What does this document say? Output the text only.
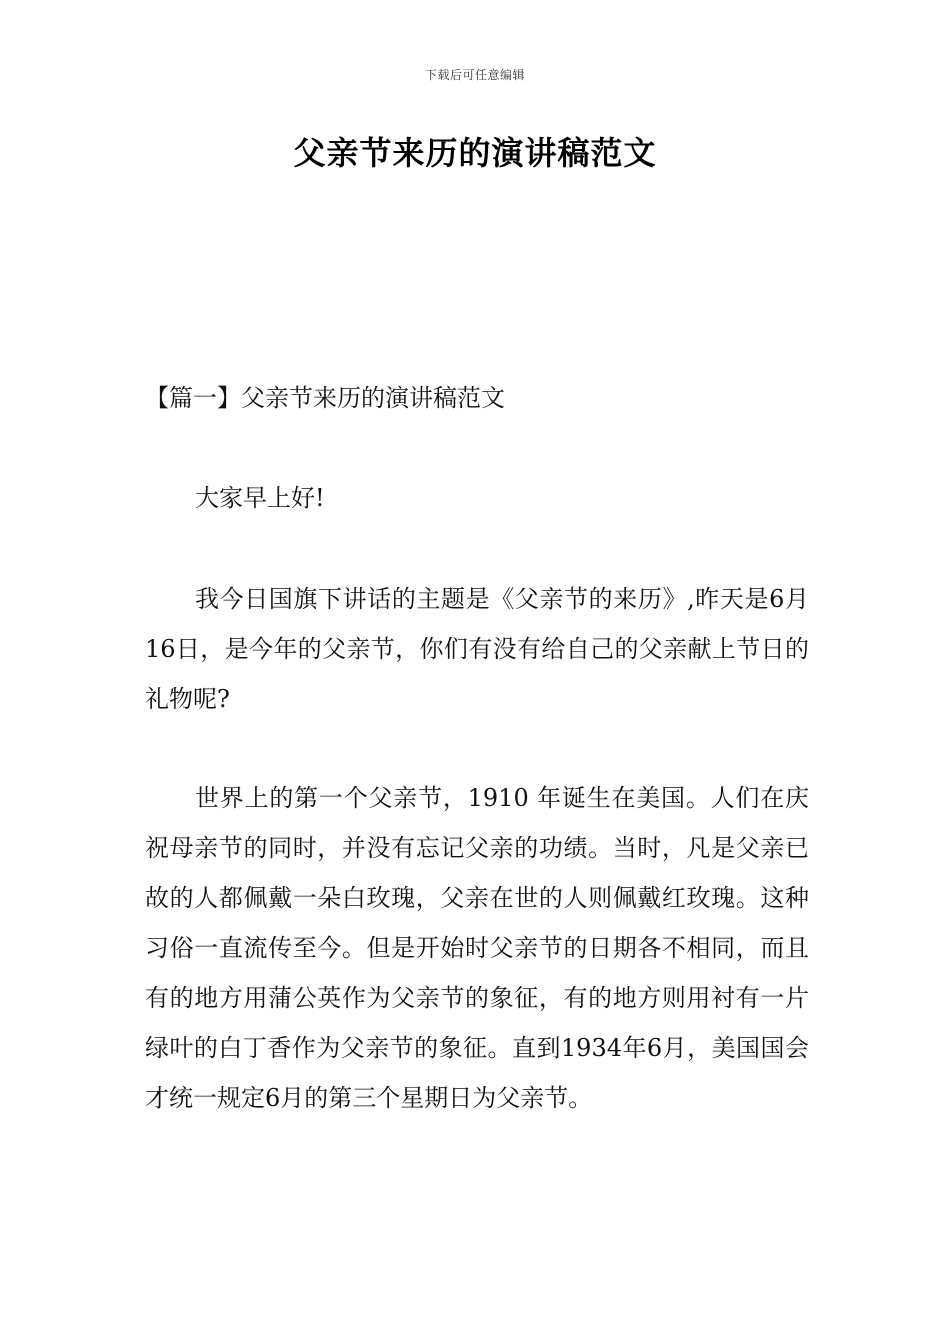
下载后可任意编辑
父亲节来历的演讲稿范文

【篇一】父亲节来历的演讲稿范文

大家早上好!

我今日国旗下讲话的主题是《父亲节的来历》,昨天是6月16日，是今年的父亲节，你们有没有给自己的父亲献上节日的礼物呢?

世界上的第一个父亲节，1910 年诞生在美国。人们在庆祝母亲节的同时，并没有忘记父亲的功绩。当时，凡是父亲已故的人都佩戴一朵白玫瑰，父亲在世的人则佩戴红玫瑰。这种习俗一直流传至今。但是开始时父亲节的日期各不相同，而且有的地方用蒲公英作为父亲节的象征，有的地方则用衬有一片绿叶的白丁香作为父亲节的象征。直到1934年6月，美国国会才统一规定6月的第三个星期日为父亲节。
